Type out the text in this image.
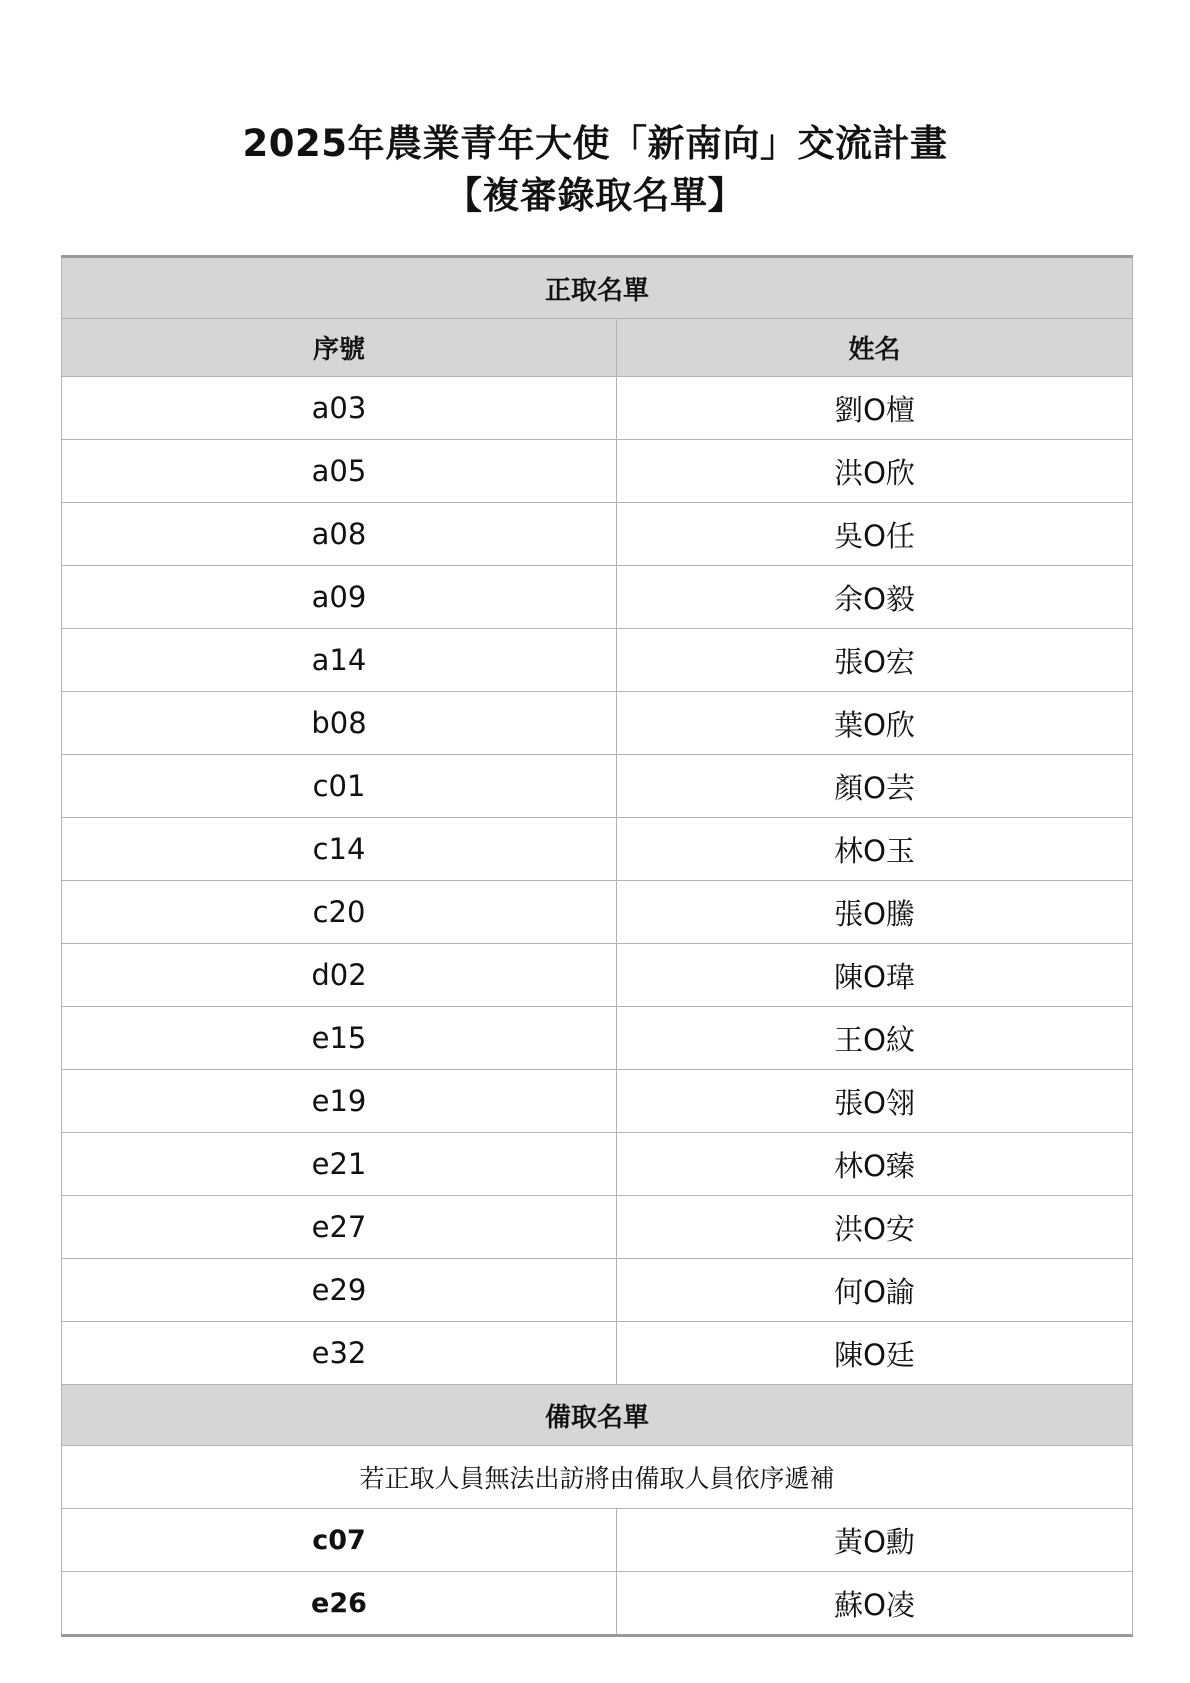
2025年農業青年大使「新南向」交流計畫
【複審錄取名單】
正取名單	
序號	姓名
a03	劉O檀
a05	洪O欣
a08	吳O任
a09	余O毅
a14	張O宏
b08	葉O欣
c01	顏O芸
c14	林O玉
c20	張O騰
d02	陳O瑋
e15	王O紋
e19	張O翎
e21	林O臻
e27	洪O安
e29	何O諭
e32	陳O廷
備取名單	
若正取人員無法出訪將由備取人員依序遞補	
c07	黃O勳
e26	蘇O凌
